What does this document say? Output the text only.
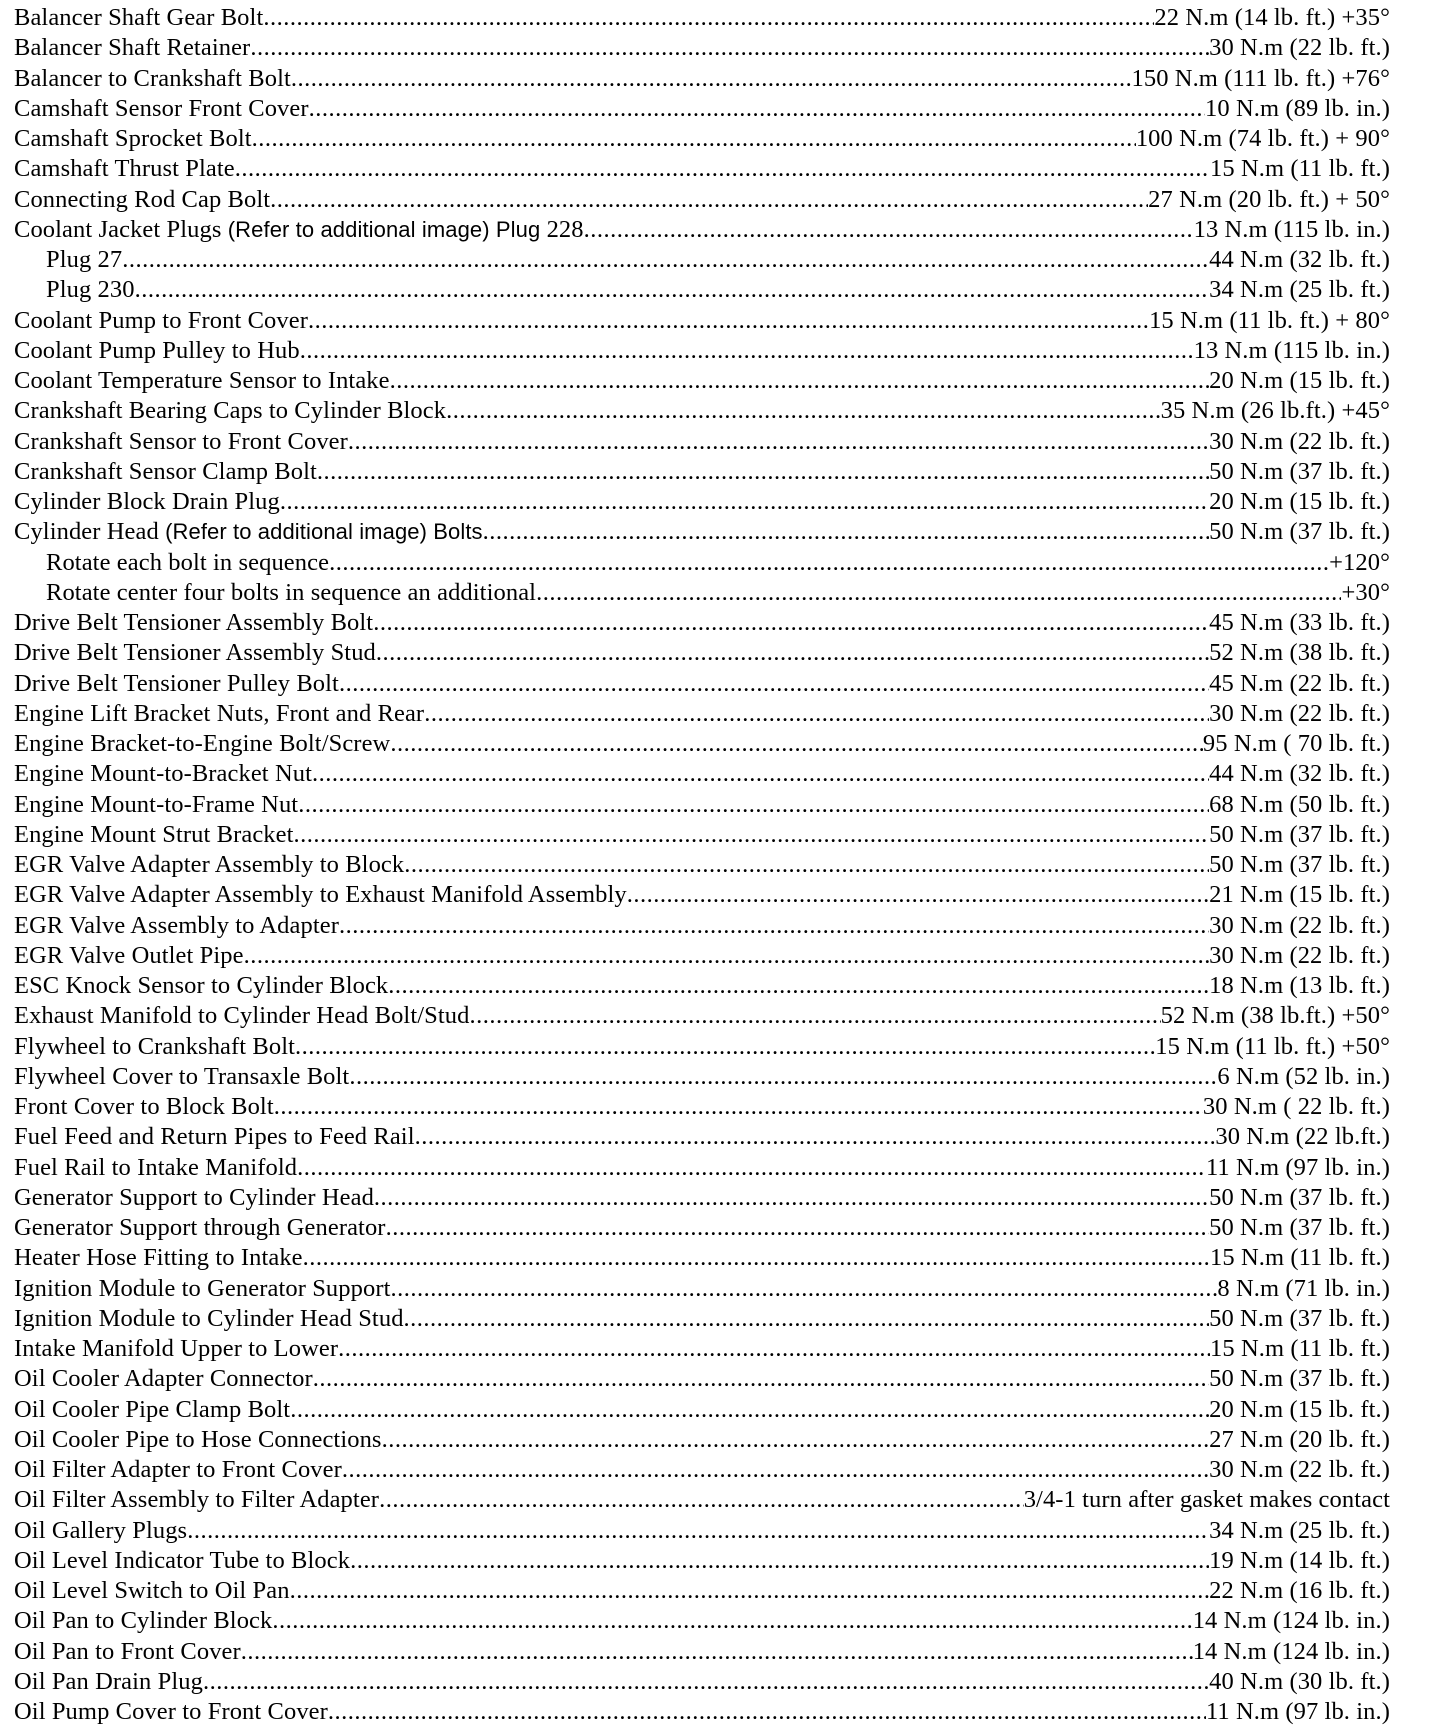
Balancer Shaft Gear Bolt .....	22 N.m (14 lb. ft.) +35°
Balancer Shaft Retainer .....	30 N.m (22 lb. ft.)
Balancer to Crankshaft Bolt .....	150 N.m (111 lb. ft.) +76°
Camshaft Sensor Front Cover .....	10 N.m (89 lb. in.)
Camshaft Sprocket Bolt .....	100 N.m (74 lb. ft.) + 90°
Camshaft Thrust Plate .....	15 N.m (11 lb. ft.)
Connecting Rod Cap Bolt .....	27 N.m (20 lb. ft.) + 50°
Coolant Jacket Plugs (Refer to additional image) Plug 228 .....	13 N.m (115 lb. in.)
Plug 27 .....	44 N.m (32 lb. ft.)
Plug 230 .....	34 N.m (25 lb. ft.)
Coolant Pump to Front Cover .....	15 N.m (11 lb. ft.) + 80°
Coolant Pump Pulley to Hub .....	13 N.m (115 lb. in.)
Coolant Temperature Sensor to Intake .....	20 N.m (15 lb. ft.)
Crankshaft Bearing Caps to Cylinder Block .....	35 N.m (26 lb.ft.) +45°
Crankshaft Sensor to Front Cover .....	30 N.m (22 lb. ft.)
Crankshaft Sensor Clamp Bolt .....	50 N.m (37 lb. ft.)
Cylinder Block Drain Plug .....	20 N.m (15 lb. ft.)
Cylinder Head (Refer to additional image) Bolts .....	50 N.m (37 lb. ft.)
Rotate each bolt in sequence .....	+120°
Rotate center four bolts in sequence an additional .....	+30°
Drive Belt Tensioner Assembly Bolt .....	45 N.m (33 lb. ft.)
Drive Belt Tensioner Assembly Stud .....	52 N.m (38 lb. ft.)
Drive Belt Tensioner Pulley Bolt .....	45 N.m (22 lb. ft.)
Engine Lift Bracket Nuts, Front and Rear .....	30 N.m (22 lb. ft.)
Engine Bracket-to-Engine Bolt/Screw .....	95 N.m ( 70 lb. ft.)
Engine Mount-to-Bracket Nut .....	44 N.m (32 lb. ft.)
Engine Mount-to-Frame Nut .....	68 N.m (50 lb. ft.)
Engine Mount Strut Bracket .....	50 N.m (37 lb. ft.)
EGR Valve Adapter Assembly to Block .....	50 N.m (37 lb. ft.)
EGR Valve Adapter Assembly to Exhaust Manifold Assembly .....	21 N.m (15 lb. ft.)
EGR Valve Assembly to Adapter .....	30 N.m (22 lb. ft.)
EGR Valve Outlet Pipe .....	30 N.m (22 lb. ft.)
ESC Knock Sensor to Cylinder Block .....	18 N.m (13 lb. ft.)
Exhaust Manifold to Cylinder Head Bolt/Stud .....	52 N.m (38 lb.ft.) +50°
Flywheel to Crankshaft Bolt .....	15 N.m (11 lb. ft.) +50°
Flywheel Cover to Transaxle Bolt .....	6 N.m (52 lb. in.)
Front Cover to Block Bolt .....	30 N.m ( 22 lb. ft.)
Fuel Feed and Return Pipes to Feed Rail .....	30 N.m (22 lb.ft.)
Fuel Rail to Intake Manifold .....	11 N.m (97 lb. in.)
Generator Support to Cylinder Head .....	50 N.m (37 lb. ft.)
Generator Support through Generator .....	50 N.m (37 lb. ft.)
Heater Hose Fitting to Intake .....	15 N.m (11 lb. ft.)
Ignition Module to Generator Support .....	8 N.m (71 lb. in.)
Ignition Module to Cylinder Head Stud .....	50 N.m (37 lb. ft.)
Intake Manifold Upper to Lower .....	15 N.m (11 lb. ft.)
Oil Cooler Adapter Connector .....	50 N.m (37 lb. ft.)
Oil Cooler Pipe Clamp Bolt .....	20 N.m (15 lb. ft.)
Oil Cooler Pipe to Hose Connections .....	27 N.m (20 lb. ft.)
Oil Filter Adapter to Front Cover .....	30 N.m (22 lb. ft.)
Oil Filter Assembly to Filter Adapter .....	3/4-1 turn after gasket makes contact
Oil Gallery Plugs .....	34 N.m (25 lb. ft.)
Oil Level Indicator Tube to Block .....	19 N.m (14 lb. ft.)
Oil Level Switch to Oil Pan .....	22 N.m (16 lb. ft.)
Oil Pan to Cylinder Block .....	14 N.m (124 lb. in.)
Oil Pan to Front Cover .....	14 N.m (124 lb. in.)
Oil Pan Drain Plug .....	40 N.m (30 lb. ft.)
Oil Pump Cover to Front Cover .....	11 N.m (97 lb. in.)
